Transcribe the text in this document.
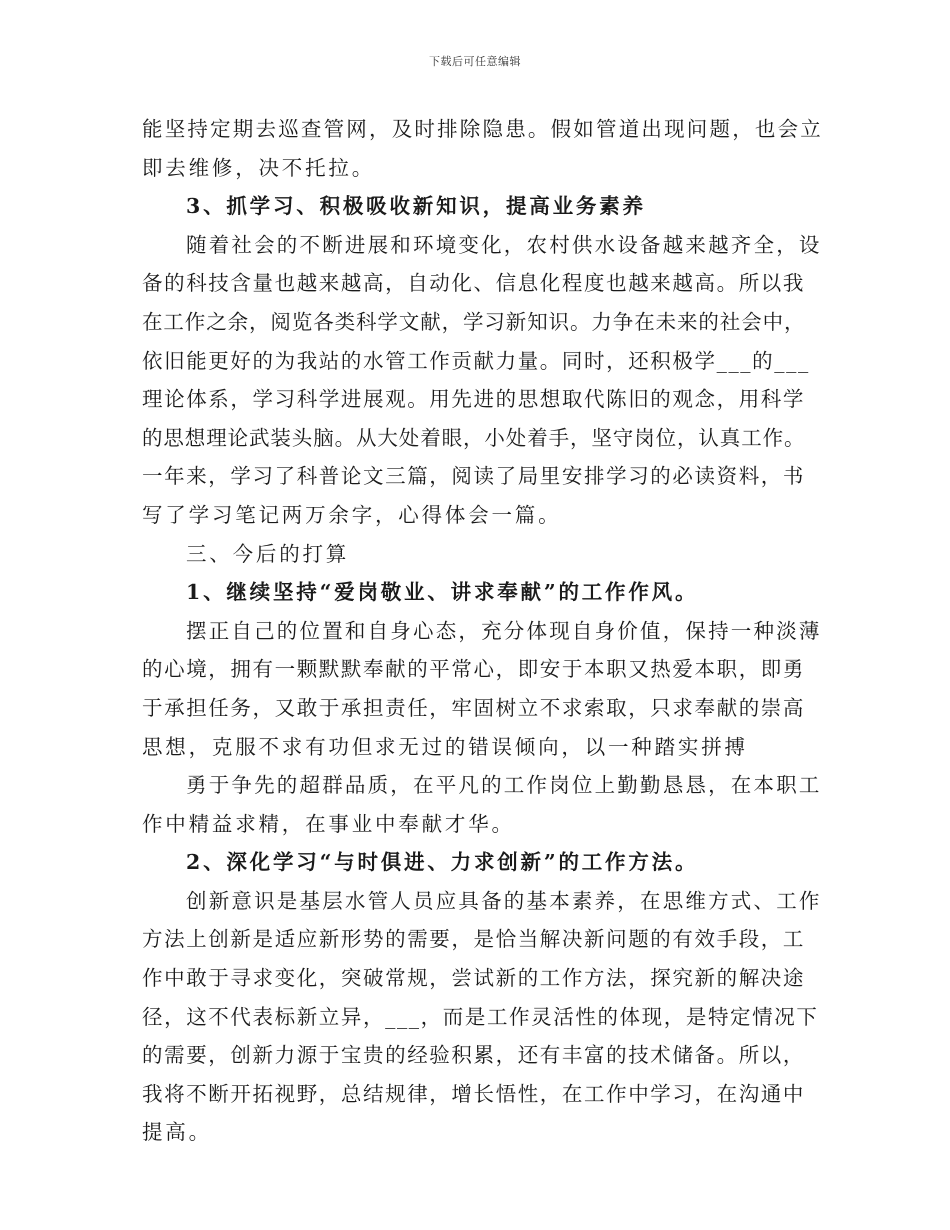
下载后可任意编辑
能坚持定期去巡查管网，及时排除隐患。假如管道出现问题，也会立
即去维修，决不托拉。
3、抓学习、积极吸收新知识，提高业务素养
随着社会的不断进展和环境变化，农村供水设备越来越齐全，设
备的科技含量也越来越高，自动化、信息化程度也越来越高。所以我
在工作之余，阅览各类科学文献，学习新知识。力争在未来的社会中，
依旧能更好的为我站的水管工作贡献力量。同时，还积极学___的___
理论体系，学习科学进展观。用先进的思想取代陈旧的观念，用科学
的思想理论武装头脑。从大处着眼，小处着手，坚守岗位，认真工作。
一年来，学习了科普论文三篇，阅读了局里安排学习的必读资料，书
写了学习笔记两万余字，心得体会一篇。
三、今后的打算
1、继续坚持“爱岗敬业、讲求奉献”的工作作风。
摆正自己的位置和自身心态，充分体现自身价值，保持一种淡薄
的心境，拥有一颗默默奉献的平常心，即安于本职又热爱本职，即勇
于承担任务，又敢于承担责任，牢固树立不求索取，只求奉献的崇高
思想，克服不求有功但求无过的错误倾向，以一种踏实拼搏
勇于争先的超群品质，在平凡的工作岗位上勤勤恳恳，在本职工
作中精益求精，在事业中奉献才华。
2、深化学习“与时俱进、力求创新”的工作方法。
创新意识是基层水管人员应具备的基本素养，在思维方式、工作
方法上创新是适应新形势的需要，是恰当解决新问题的有效手段，工
作中敢于寻求变化，突破常规，尝试新的工作方法，探究新的解决途
径，这不代表标新立异，___，而是工作灵活性的体现，是特定情况下
的需要，创新力源于宝贵的经验积累，还有丰富的技术储备。所以，
我将不断开拓视野，总结规律，增长悟性，在工作中学习，在沟通中
提高。
